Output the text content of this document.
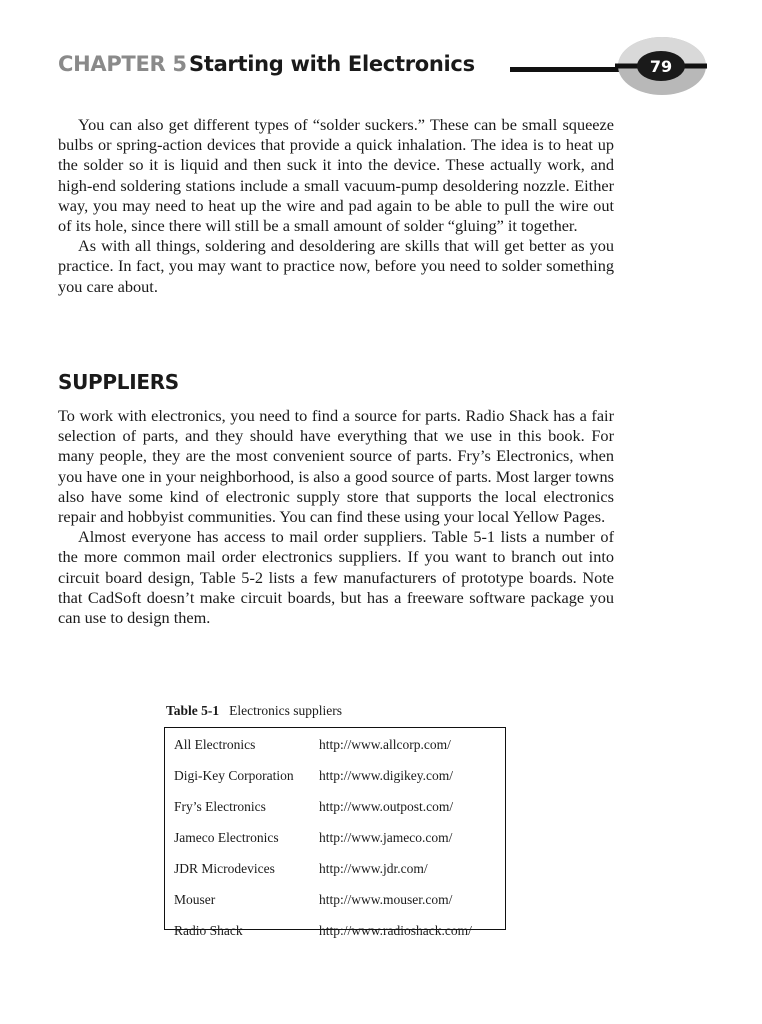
CHAPTER 5 Starting with Electronics	79

You can also get different types of “solder suckers.” These can be small squeeze bulbs or spring-action devices that provide a quick inhalation. The idea is to heat up the solder so it is liquid and then suck it into the device. These actually work, and high-end soldering stations include a small vacuum-pump desoldering nozzle. Either way, you may need to heat up the wire and pad again to be able to pull the wire out of its hole, since there will still be a small amount of solder “gluing” it together.

As with all things, soldering and desoldering are skills that will get better as you practice. In fact, you may want to practice now, before you need to solder something you care about.

SUPPLIERS

To work with electronics, you need to find a source for parts. Radio Shack has a fair selection of parts, and they should have everything that we use in this book. For many people, they are the most convenient source of parts. Fry’s Electronics, when you have one in your neighborhood, is also a good source of parts. Most larger towns also have some kind of electronic supply store that supports the local electronics repair and hobbyist communities. You can find these using your local Yellow Pages.

Almost everyone has access to mail order suppliers. Table 5-1 lists a number of the more common mail order electronics suppliers. If you want to branch out into circuit board design, Table 5-2 lists a few manufacturers of prototype boards. Note that CadSoft doesn’t make circuit boards, but has a freeware software package you can use to design them.

Table 5-1 Electronics suppliers
All Electronics	http://www.allcorp.com/
Digi-Key Corporation	http://www.digikey.com/
Fry’s Electronics	http://www.outpost.com/
Jameco Electronics	http://www.jameco.com/
JDR Microdevices	http://www.jdr.com/
Mouser	http://www.mouser.com/
Radio Shack	http://www.radioshack.com/
